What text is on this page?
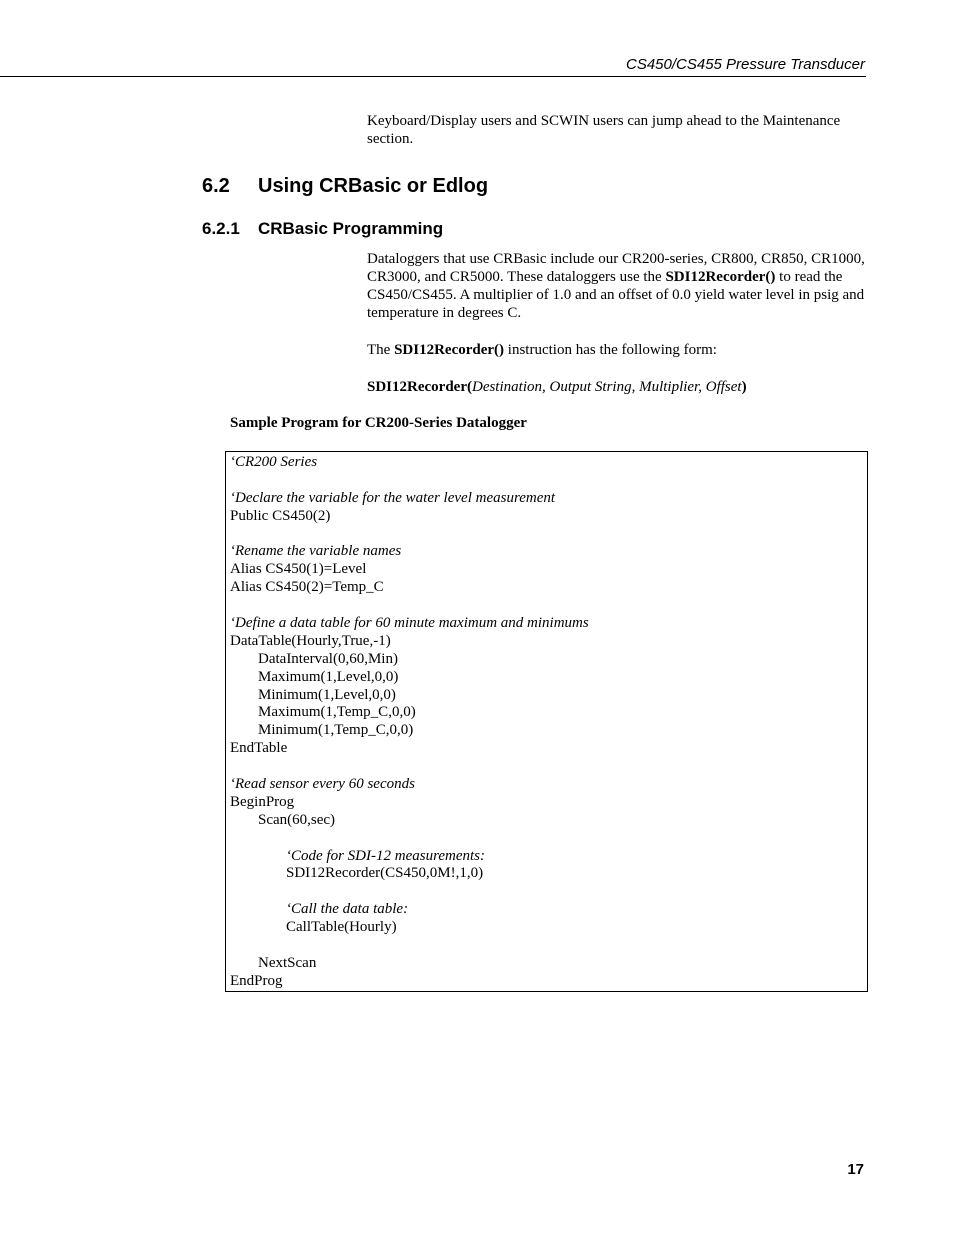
CS450/CS455 Pressure Transducer

Keyboard/Display users and SCWIN users can jump ahead to the Maintenance section.

6.2 Using CRBasic or Edlog
6.2.1 CRBasic Programming

Dataloggers that use CRBasic include our CR200-series, CR800, CR850, CR1000, CR3000, and CR5000. These dataloggers use the SDI12Recorder() to read the CS450/CS455. A multiplier of 1.0 and an offset of 0.0 yield water level in psig and temperature in degrees C.

The SDI12Recorder() instruction has the following form:

SDI12Recorder(Destination, Output String, Multiplier, Offset)

Sample Program for CR200-Series Datalogger

‘CR200 Series
‘Declare the variable for the water level measurement
Public CS450(2)
‘Rename the variable names
Alias CS450(1)=Level
Alias CS450(2)=Temp_C
‘Define a data table for 60 minute maximum and minimums
DataTable(Hourly,True,-1)
DataInterval(0,60,Min)
Maximum(1,Level,0,0)
Minimum(1,Level,0,0)
Maximum(1,Temp_C,0,0)
Minimum(1,Temp_C,0,0)
EndTable
‘Read sensor every 60 seconds
BeginProg
Scan(60,sec)
‘Code for SDI-12 measurements:
SDI12Recorder(CS450,0M!,1,0)
‘Call the data table:
CallTable(Hourly)
NextScan
EndProg
17
